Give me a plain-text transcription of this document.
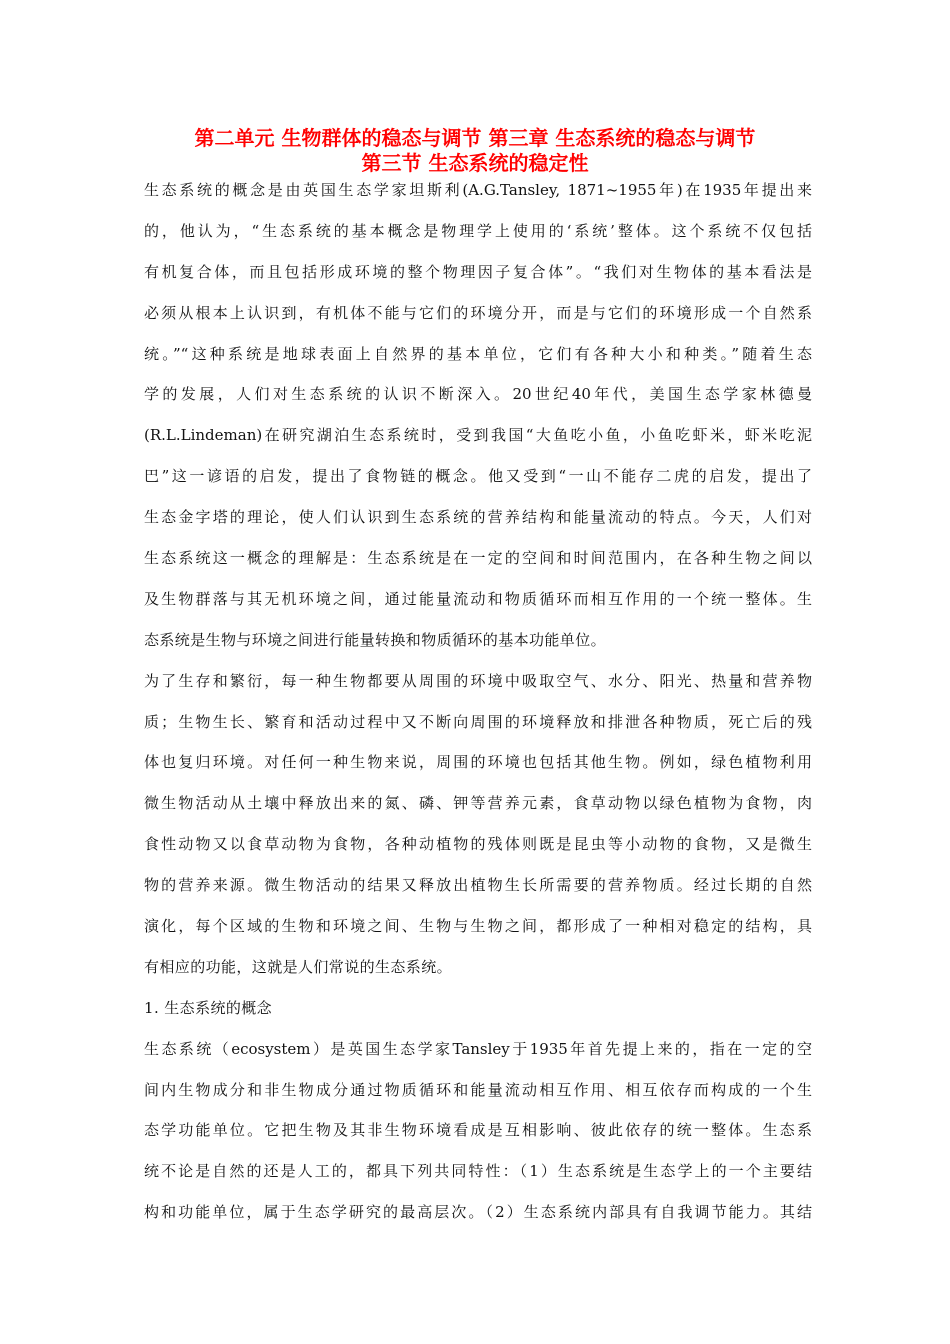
第二单元 生物群体的稳态与调节 第三章 生态系统的稳态与调节
第三节 生态系统的稳定性
生态系统的概念是由英国生态学家坦斯利(A.G.Tansley, 1871~1955年)在1935年提出来
的，他认为，“生态系统的基本概念是物理学上使用的‘系统’整体。这个系统不仅包括
有机复合体，而且包括形成环境的整个物理因子复合体”。“我们对生物体的基本看法是
必须从根本上认识到，有机体不能与它们的环境分开，而是与它们的环境形成一个自然系
统。”“这种系统是地球表面上自然界的基本单位，它们有各种大小和种类。”随着生态
学的发展，人们对生态系统的认识不断深入。20世纪40年代，美国生态学家林德曼
(R.L.Lindeman)在研究湖泊生态系统时，受到我国“大鱼吃小鱼，小鱼吃虾米，虾米吃泥
巴”这一谚语的启发，提出了食物链的概念。他又受到“一山不能存二虎的启发，提出了
生态金字塔的理论，使人们认识到生态系统的营养结构和能量流动的特点。今天，人们对
生态系统这一概念的理解是：生态系统是在一定的空间和时间范围内，在各种生物之间以
及生物群落与其无机环境之间，通过能量流动和物质循环而相互作用的一个统一整体。生
态系统是生物与环境之间进行能量转换和物质循环的基本功能单位。
为了生存和繁衍，每一种生物都要从周围的环境中吸取空气、水分、阳光、热量和营养物
质；生物生长、繁育和活动过程中又不断向周围的环境释放和排泄各种物质，死亡后的残
体也复归环境。对任何一种生物来说，周围的环境也包括其他生物。例如，绿色植物利用
微生物活动从土壤中释放出来的氮、磷、钾等营养元素，食草动物以绿色植物为食物，肉
食性动物又以食草动物为食物，各种动植物的残体则既是昆虫等小动物的食物，又是微生
物的营养来源。微生物活动的结果又释放出植物生长所需要的营养物质。经过长期的自然
演化，每个区域的生物和环境之间、生物与生物之间，都形成了一种相对稳定的结构，具
有相应的功能，这就是人们常说的生态系统。
1. 生态系统的概念
生态系统（ecosystem）是英国生态学家Tansley于1935年首先提上来的，指在一定的空
间内生物成分和非生物成分通过物质循环和能量流动相互作用、相互依存而构成的一个生
态学功能单位。它把生物及其非生物环境看成是互相影响、彼此依存的统一整体。生态系
统不论是自然的还是人工的，都具下列共同特性：（1）生态系统是生态学上的一个主要结
构和功能单位，属于生态学研究的最高层次。（2）生态系统内部具有自我调节能力。其结
